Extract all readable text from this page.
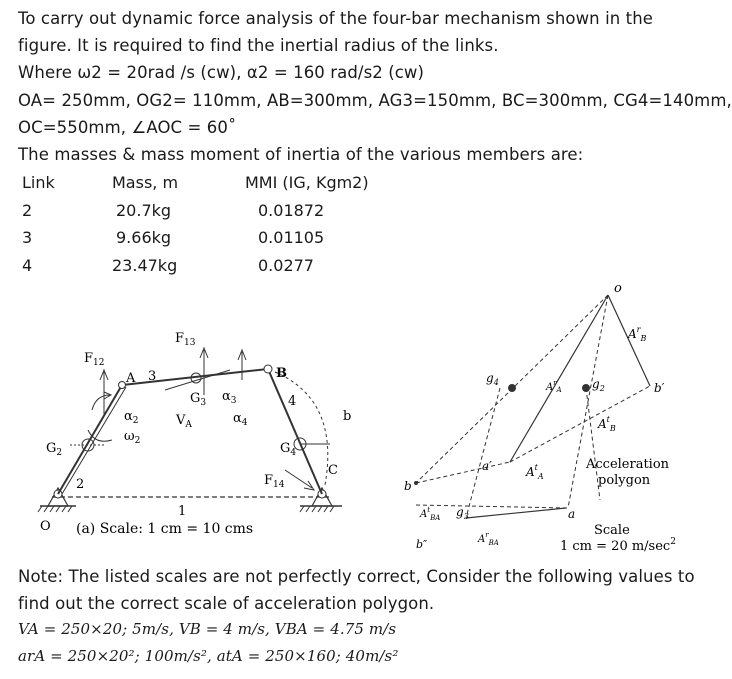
To carry out dynamic force analysis of the four-bar mechanism shown in the
figure. It is required to find the inertial radius of the links.
Where ω2 = 20rad /s (cw), α2 = 160 rad/s2 (cw)
OA= 250mm, OG2= 110mm, AB=300mm, AG3=150mm, BC=300mm, CG4=140mm,
OC=550mm, ∠AOC = 60˚
The masses & mass moment of inertia of the various members are:
Link	Mass, m	MMI (IG, Kgm2)
2	20.7kg	0.01872
3	9.66kg	0.01105
4	23.47kg	0.0277
$F_{12}$
$F_{13}$
$F_{14}$
A 3	B
$G_3$ $\alpha_3$
$\alpha_4$
4
b
$G_4$
C
$V_A$
$\alpha_2$
$\omega_2$
$G_2$
2
1
O (a) Scale: 1 cm = 10 cms
o
$A^r_B$
$g_4$	$A^r_A$	$g_2$	b′
$A^t_B$
a′	$A^t_A$
b
a
$A^t_{BA}$ $g_3$
$A^r_{BA}$
b″
Acceleration
polygon
Scale
1 cm = 20 $m/\sec^2$
Note: The listed scales are not perfectly correct, Consider the following values to
find out the correct scale of acceleration polygon.
VA = 250×20; 5m/s, VB = 4 m/s, VBA = 4.75 m/s
arA = 250×20²; 100m/s², atA = 250×160; 40m/s²
